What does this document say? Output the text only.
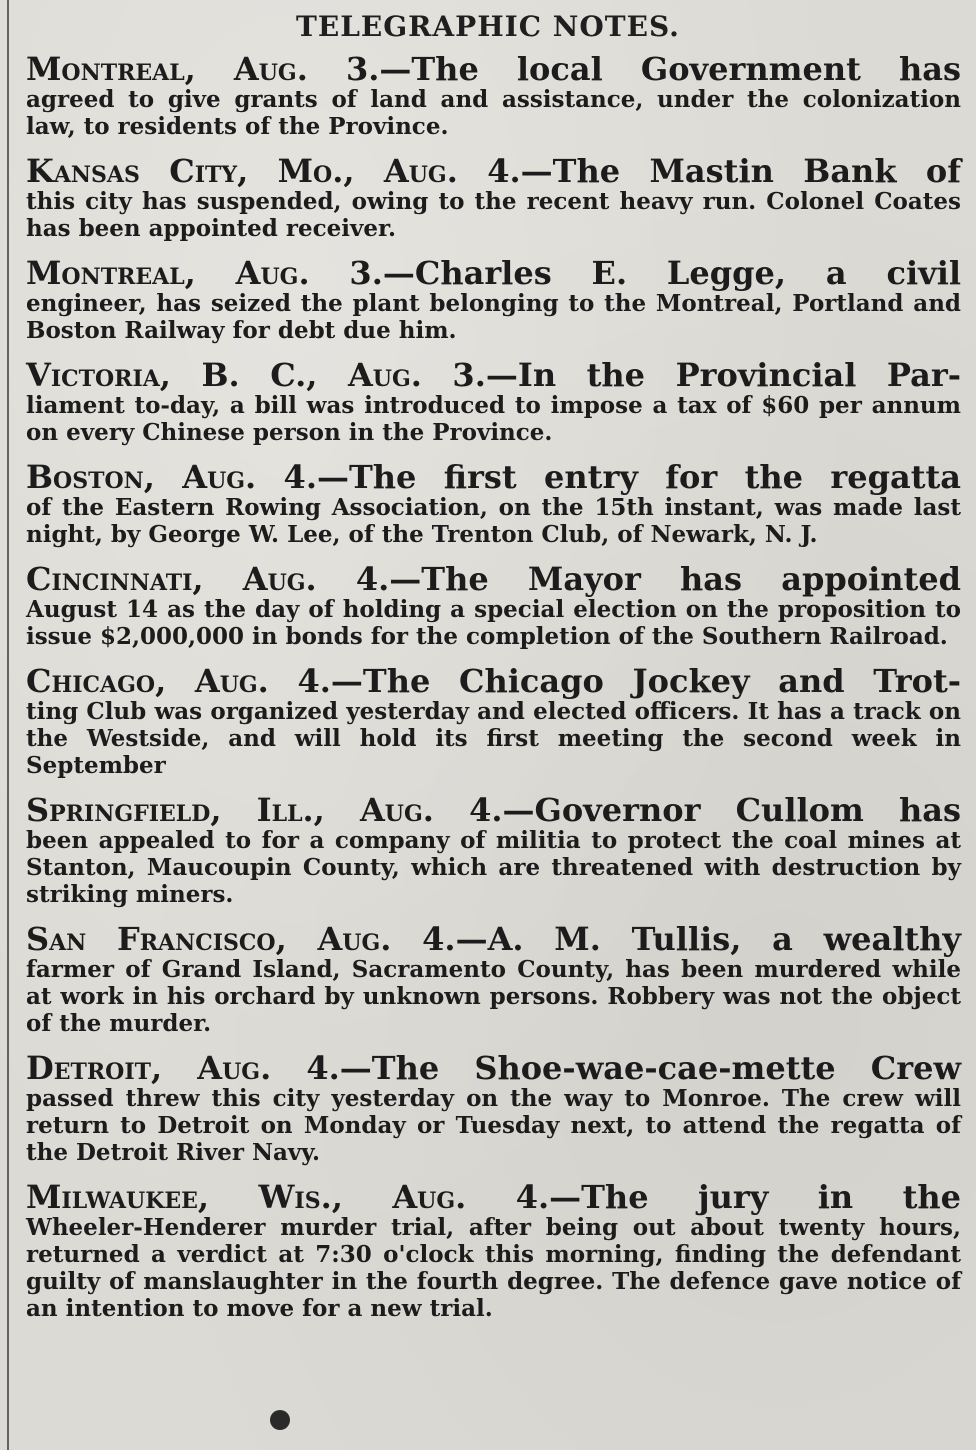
TELEGRAPHIC NOTES.
Montreal, Aug. 3.—The local Government has
agreed to give grants of land and assistance, under the colonization law, to residents of the Province.
Kansas City, Mo., Aug. 4.—The Mastin Bank of
this city has suspended, owing to the recent heavy run. Colonel Coates has been appointed receiver.
Montreal, Aug. 3.—Charles E. Legge, a civil
engineer, has seized the plant belonging to the Montreal, Portland and Boston Railway for debt due him.
Victoria, B. C., Aug. 3.—In the Provincial Par-
liament to-day, a bill was introduced to impose a tax of $60 per annum on every Chinese person in the Province.
Boston, Aug. 4.—The first entry for the regatta
of the Eastern Rowing Association, on the 15th instant, was made last night, by George W. Lee, of the Trenton Club, of Newark, N. J.
Cincinnati, Aug. 4.—The Mayor has appointed
August 14 as the day of holding a special election on the proposition to issue $2,000,000 in bonds for the completion of the Southern Railroad.
Chicago, Aug. 4.—The Chicago Jockey and Trot-
ting Club was organized yesterday and elected officers. It has a track on the Westside, and will hold its first meeting the second week in September
Springfield, Ill., Aug. 4.—Governor Cullom has
been appealed to for a company of militia to protect the coal mines at Stanton, Maucoupin County, which are threatened with destruction by striking miners.
San Francisco, Aug. 4.—A. M. Tullis, a wealthy
farmer of Grand Island, Sacramento County, has been murdered while at work in his orchard by unknown persons. Robbery was not the object of the murder.
Detroit, Aug. 4.—The Shoe-wae-cae-mette Crew
passed threw this city yesterday on the way to Monroe. The crew will return to Detroit on Monday or Tuesday next, to attend the regatta of the Detroit River Navy.
Milwaukee, Wis., Aug. 4.—The jury in the
Wheeler-Henderer murder trial, after being out about twenty hours, returned a verdict at 7:30 o'clock this morning, finding the defendant guilty of manslaughter in the fourth degree. The defence gave notice of an intention to move for a new trial.
